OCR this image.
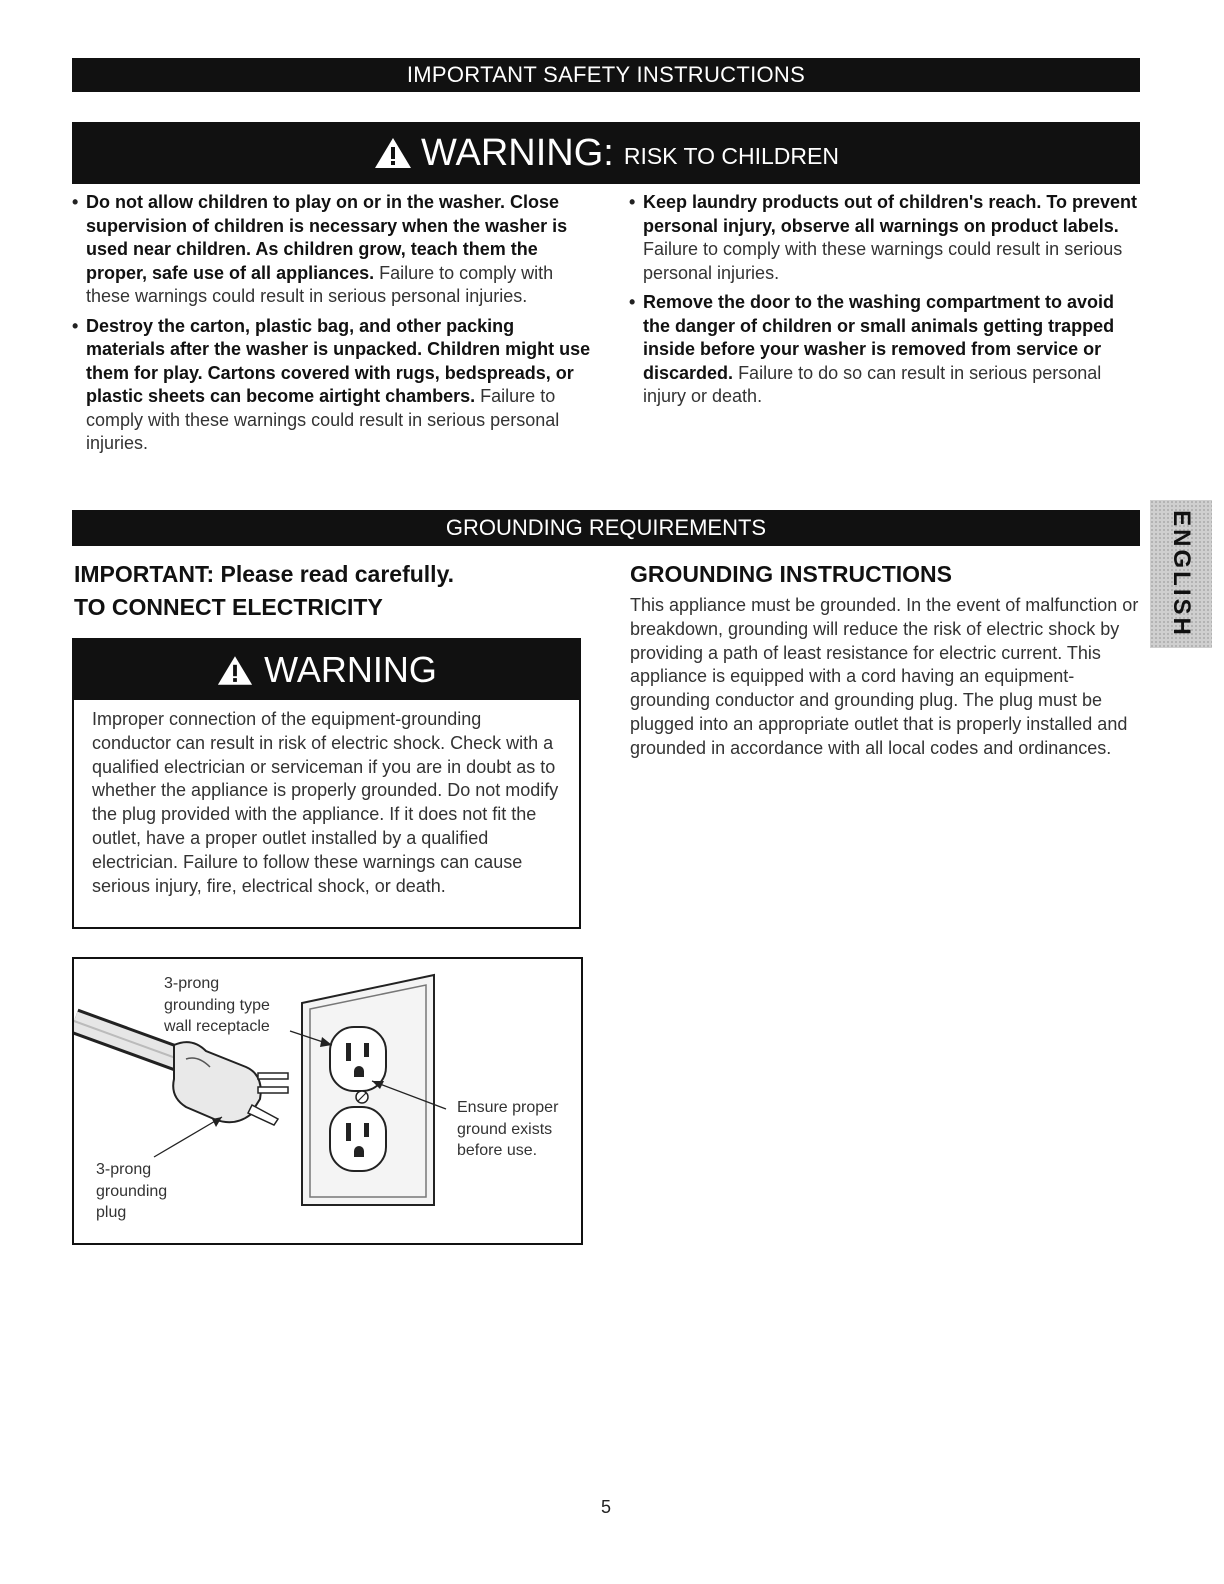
IMPORTANT SAFETY INSTRUCTIONS
WARNING: RISK TO CHILDREN

• Do not allow children to play on or in the washer. Close supervision of children is necessary when the washer is used near children. As children grow, teach them the proper, safe use of all appliances. Failure to comply with these warnings could result in serious personal injuries.

• Destroy the carton, plastic bag, and other packing materials after the washer is unpacked. Children might use them for play. Cartons covered with rugs, bedspreads, or plastic sheets can become airtight chambers. Failure to comply with these warnings could result in serious personal injuries.

• Keep laundry products out of children's reach. To prevent personal injury, observe all warnings on product labels. Failure to comply with these warnings could result in serious personal injuries.

• Remove the door to the washing compartment to avoid the danger of children or small animals getting trapped inside before your washer is removed from service or discarded. Failure to do so can result in serious personal injury or death.

GROUNDING REQUIREMENTS	ENGLISH
IMPORTANT: Please read carefully.
TO CONNECT ELECTRICITY
GROUNDING INSTRUCTIONS
This appliance must be grounded. In the event of malfunction or breakdown, grounding will reduce the risk of electric shock by providing a path of least resistance for electric current. This appliance is equipped with a cord having an equipment-grounding conductor and grounding plug. The plug must be plugged into an appropriate outlet that is properly installed and grounded in accordance with all local codes and ordinances.
WARNING
Improper connection of the equipment-grounding conductor can result in risk of electric shock. Check with a qualified electrician or serviceman if you are in doubt as to whether the appliance is properly grounded. Do not modify the plug provided with the appliance. If it does not fit the outlet, have a proper outlet installed by a qualified electrician. Failure to follow these warnings can cause serious injury, fire, electrical shock, or death.
3-prong
grounding type
wall receptacle
3-prong
grounding
plug
Ensure proper
ground exists
before use.
5
